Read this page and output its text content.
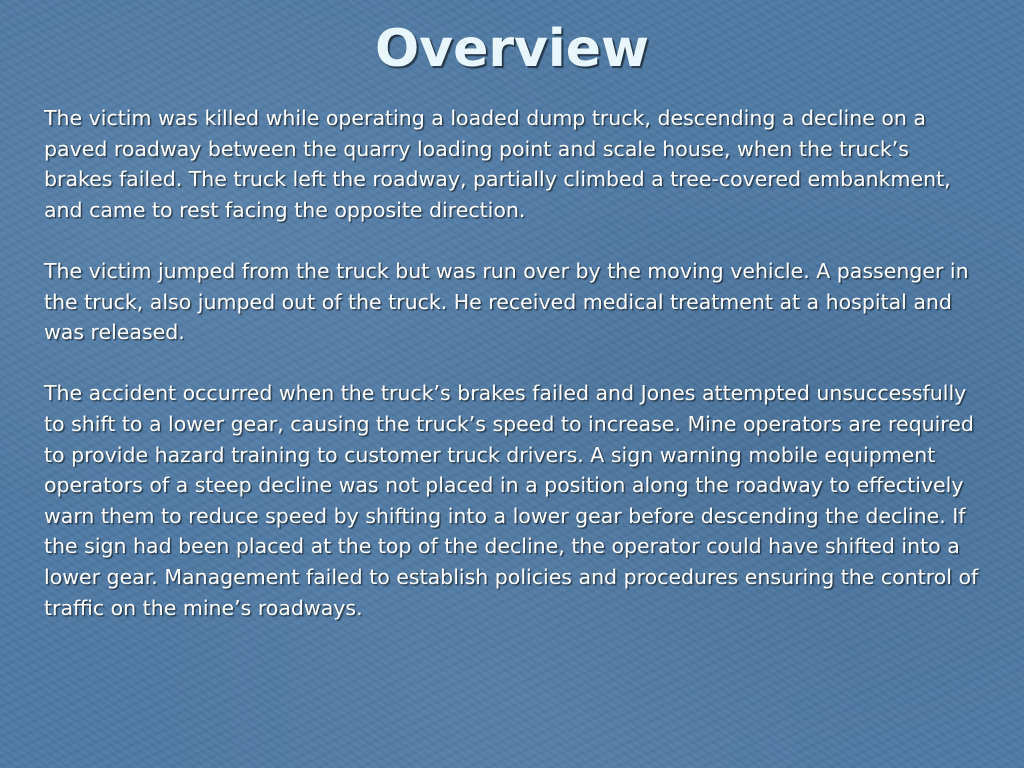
Overview

The victim was killed while operating a loaded dump truck, descending a decline on a paved roadway between the quarry loading point and scale house, when the truck’s brakes failed. The truck left the roadway, partially climbed a tree-covered embankment, and came to rest facing the opposite direction.

The victim jumped from the truck but was run over by the moving vehicle. A passenger in the truck, also jumped out of the truck. He received medical treatment at a hospital and was released.

The accident occurred when the truck’s brakes failed and Jones attempted unsuccessfully to shift to a lower gear, causing the truck’s speed to increase. Mine operators are required to provide hazard training to customer truck drivers. A sign warning mobile equipment operators of a steep decline was not placed in a position along the roadway to effectively warn them to reduce speed by shifting into a lower gear before descending the decline. If the sign had been placed at the top of the decline, the operator could have shifted into a lower gear. Management failed to establish policies and procedures ensuring the control of traffic on the mine’s roadways.
